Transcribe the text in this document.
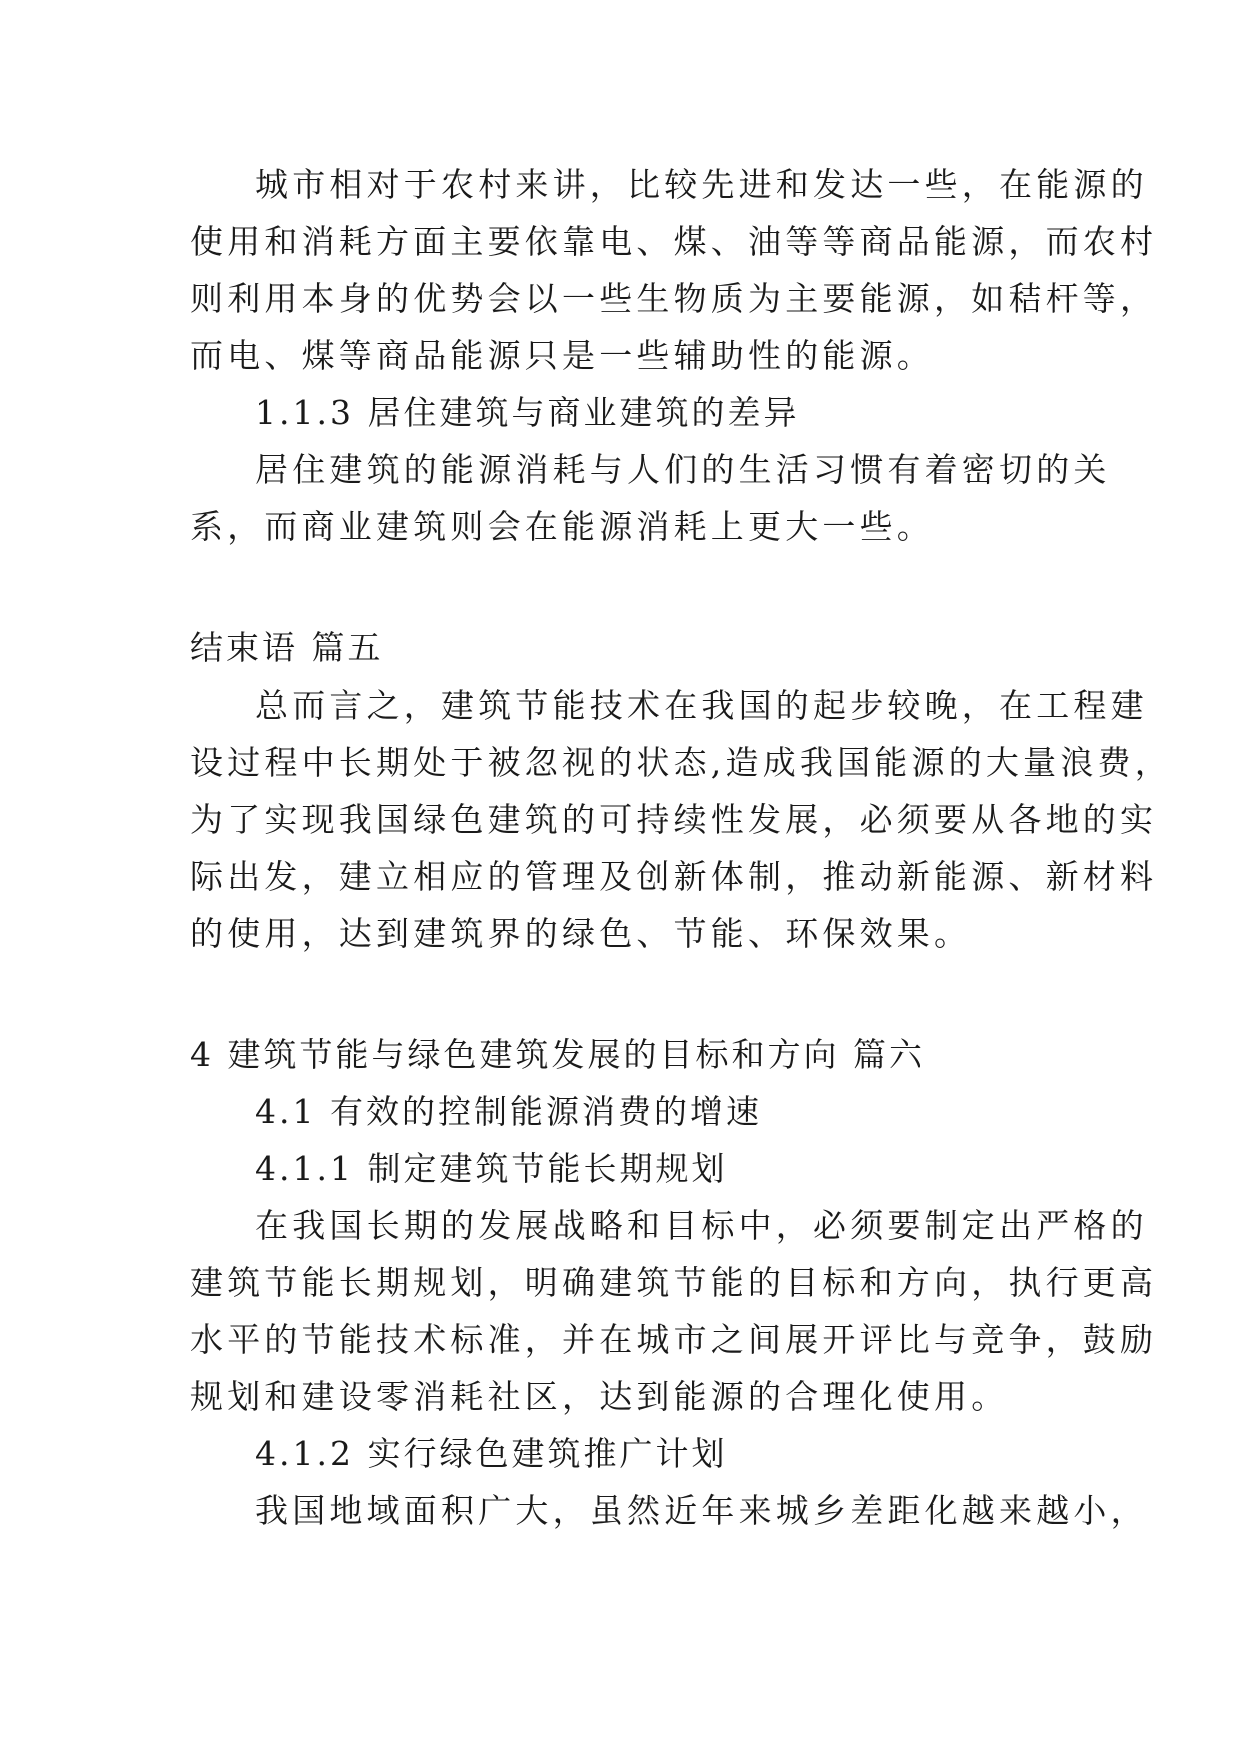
城市相对于农村来讲，比较先进和发达一些，在能源的
使用和消耗方面主要依靠电、煤、油等等商品能源，而农村
则利用本身的优势会以一些生物质为主要能源，如秸杆等，
而电、煤等商品能源只是一些辅助性的能源。
1.1.3 居住建筑与商业建筑的差异
居住建筑的能源消耗与人们的生活习惯有着密切的关
系，而商业建筑则会在能源消耗上更大一些。
结束语 篇五
总而言之，建筑节能技术在我国的起步较晚，在工程建
设过程中长期处于被忽视的状态,造成我国能源的大量浪费，
为了实现我国绿色建筑的可持续性发展，必须要从各地的实
际出发，建立相应的管理及创新体制，推动新能源、新材料
的使用，达到建筑界的绿色、节能、环保效果。
4 建筑节能与绿色建筑发展的目标和方向 篇六
4.1 有效的控制能源消费的增速
4.1.1 制定建筑节能长期规划
在我国长期的发展战略和目标中，必须要制定出严格的
建筑节能长期规划，明确建筑节能的目标和方向，执行更高
水平的节能技术标准，并在城市之间展开评比与竞争，鼓励
规划和建设零消耗社区，达到能源的合理化使用。
4.1.2 实行绿色建筑推广计划
我国地域面积广大，虽然近年来城乡差距化越来越小，
